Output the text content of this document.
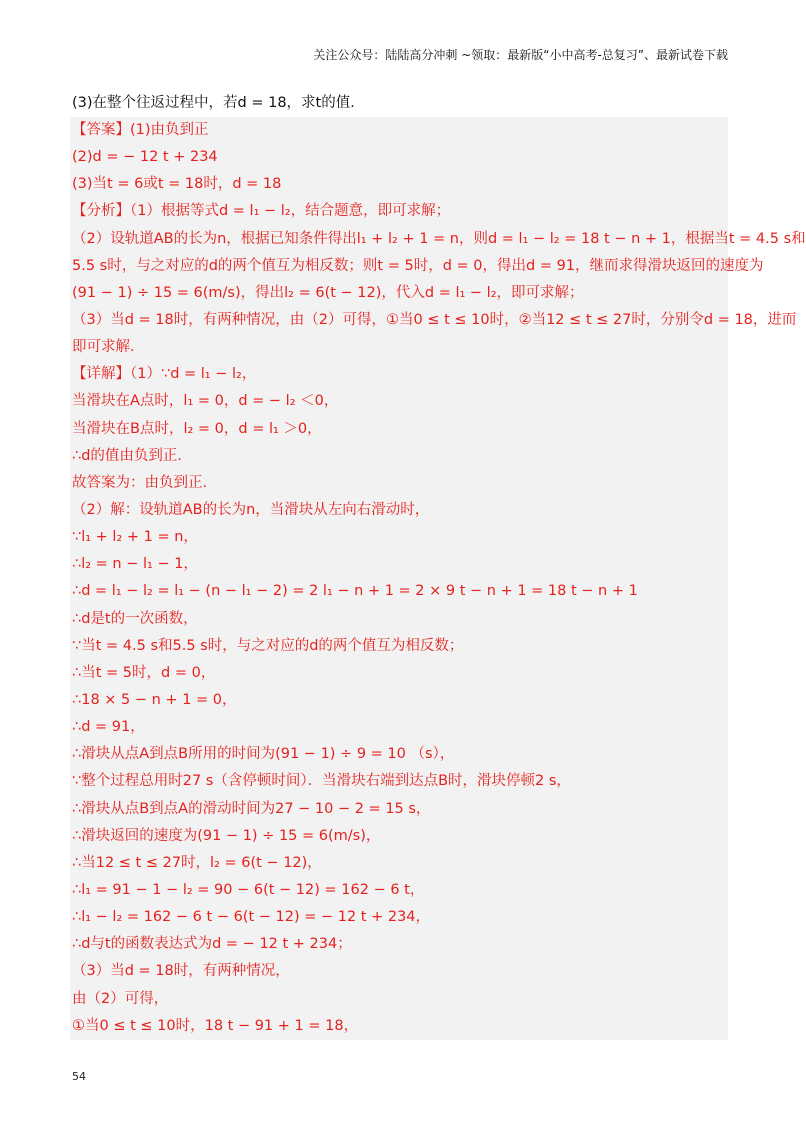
关注公众号：陆陆高分冲刺 ~领取：最新版“小中高考-总复习”、最新试卷下载
(3)在整个往返过程中，若d = 18，求t的值．
【答案】(1)由负到正
(2)d = − 12 t + 234
(3)当t = 6或t = 18时，d = 18
【分析】（1）根据等式d = l₁ − l₂，结合题意，即可求解；
（2）设轨道AB的长为n，根据已知条件得出l₁ + l₂ + 1 = n，则d = l₁ − l₂ = 18 t − n + 1，根据当t = 4.5 s和
5.5 s时，与之对应的d的两个值互为相反数；则t = 5时，d = 0，得出d = 91，继而求得滑块返回的速度为
(91 − 1) ÷ 15 = 6(m/s)，得出l₂ = 6(t − 12)，代入d = l₁ − l₂，即可求解；
（3）当d = 18时，有两种情况，由（2）可得，①当0 ≤ t ≤ 10时，②当12 ≤ t ≤ 27时，分别令d = 18，进而
即可求解．
【详解】（1）∵d = l₁ − l₂，
当滑块在A点时，l₁ = 0，d = − l₂ ＜0，
当滑块在B点时，l₂ = 0，d = l₁ ＞0，
∴d的值由负到正．
故答案为：由负到正．
（2）解：设轨道AB的长为n，当滑块从左向右滑动时，
∵l₁ + l₂ + 1 = n，
∴l₂ = n − l₁ − 1，
∴d = l₁ − l₂ = l₁ − (n − l₁ − 2) = 2 l₁ − n + 1 = 2 × 9 t − n + 1 = 18 t − n + 1
∴d是t的一次函数，
∵当t = 4.5 s和5.5 s时，与之对应的d的两个值互为相反数；
∴当t = 5时，d = 0，
∴18 × 5 − n + 1 = 0，
∴d = 91，
∴滑块从点A到点B所用的时间为(91 − 1) ÷ 9 = 10 （s），
∵整个过程总用时27 s（含停顿时间）．当滑块右端到达点B时，滑块停顿2 s，
∴滑块从点B到点A的滑动时间为27 − 10 − 2 = 15 s，
∴滑块返回的速度为(91 − 1) ÷ 15 = 6(m/s)，
∴当12 ≤ t ≤ 27时，l₂ = 6(t − 12)，
∴l₁ = 91 − 1 − l₂ = 90 − 6(t − 12) = 162 − 6 t，
∴l₁ − l₂ = 162 − 6 t − 6(t − 12) = − 12 t + 234，
∴d与t的函数表达式为d = − 12 t + 234；
（3）当d = 18时，有两种情况，
由（2）可得，
①当0 ≤ t ≤ 10时，18 t − 91 + 1 = 18，
54
